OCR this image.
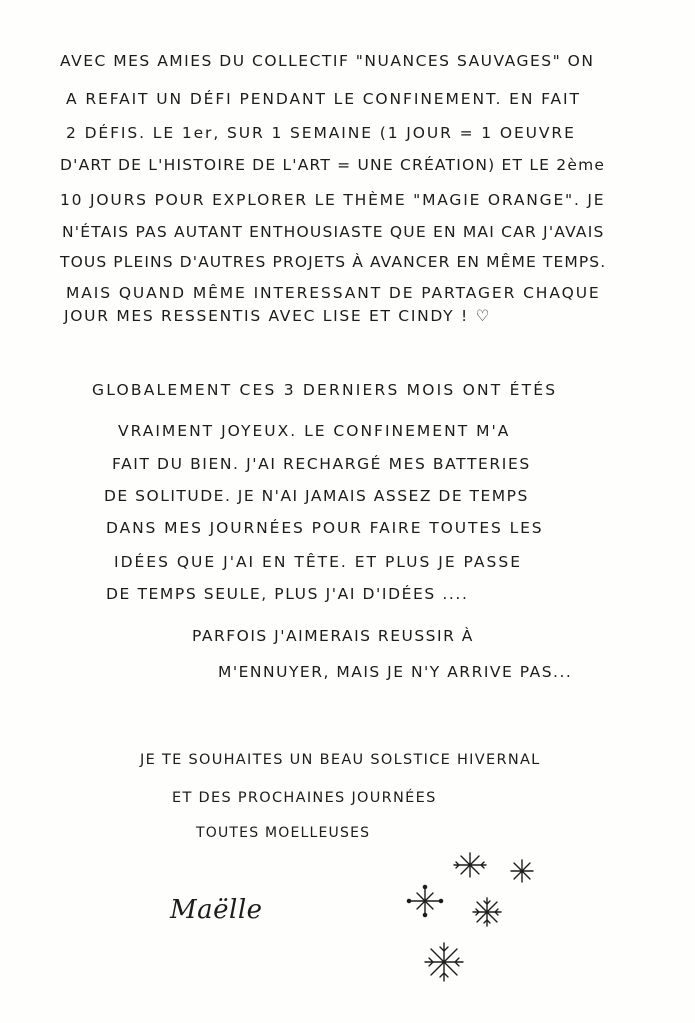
AVEC MES AMIES DU COLLECTIF "NUANCES SAUVAGES" ON
A REFAIT UN DÉFI PENDANT LE CONFINEMENT. EN FAIT
2 DÉFIS. LE 1er, SUR 1 SEMAINE (1 JOUR = 1 OEUVRE
D'ART DE L'HISTOIRE DE L'ART = UNE CRÉATION) ET LE 2ème
10 JOURS POUR EXPLORER LE THÈME "MAGIE ORANGE". JE
N'ÉTAIS PAS AUTANT ENTHOUSIASTE QUE EN MAI CAR J'AVAIS
TOUS PLEINS D'AUTRES PROJETS À AVANCER EN MÊME TEMPS.
MAIS QUAND MÊME INTERESSANT DE PARTAGER CHAQUE
JOUR MES RESSENTIS AVEC LISE ET CINDY ! ♡
GLOBALEMENT CES 3 DERNIERS MOIS ONT ÉTÉS
VRAIMENT JOYEUX. LE CONFINEMENT M'A
FAIT DU BIEN. J'AI RECHARGÉ MES BATTERIES
DE SOLITUDE. JE N'AI JAMAIS ASSEZ DE TEMPS
DANS MES JOURNÉES POUR FAIRE TOUTES LES
IDÉES QUE J'AI EN TÊTE. ET PLUS JE PASSE
DE TEMPS SEULE, PLUS J'AI D'IDÉES ....
PARFOIS J'AIMERAIS REUSSIR À
M'ENNUYER, MAIS JE N'Y ARRIVE PAS...
JE TE SOUHAITES UN BEAU SOLSTICE HIVERNAL
ET DES PROCHAINES JOURNÉES
TOUTES MOELLEUSES
Maëlle
